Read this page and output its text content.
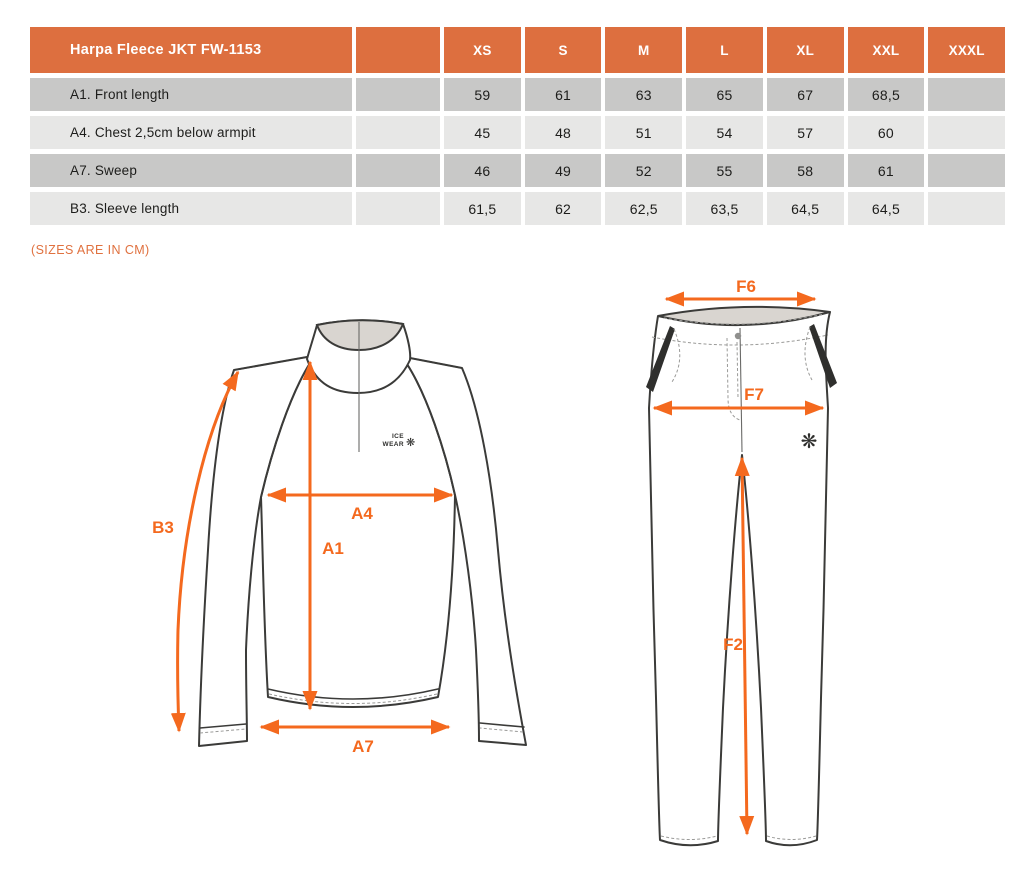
Harpa Fleece JKT FW-1153	XS	S	M	L	XL	XXL	XXXL
A1. Front length	59	61	63	65	67	68,5
A4. Chest 2,5cm below armpit	45	48	51	54	57	60
A7. Sweep	46	49	52	55	58	61
B3. Sleeve length	61,5	62	62,5	63,5	64,5	64,5
(SIZES ARE IN CM)
ICE
WEAR ❋
B3
A1
A4
A7
❋
F6
F7
F2
